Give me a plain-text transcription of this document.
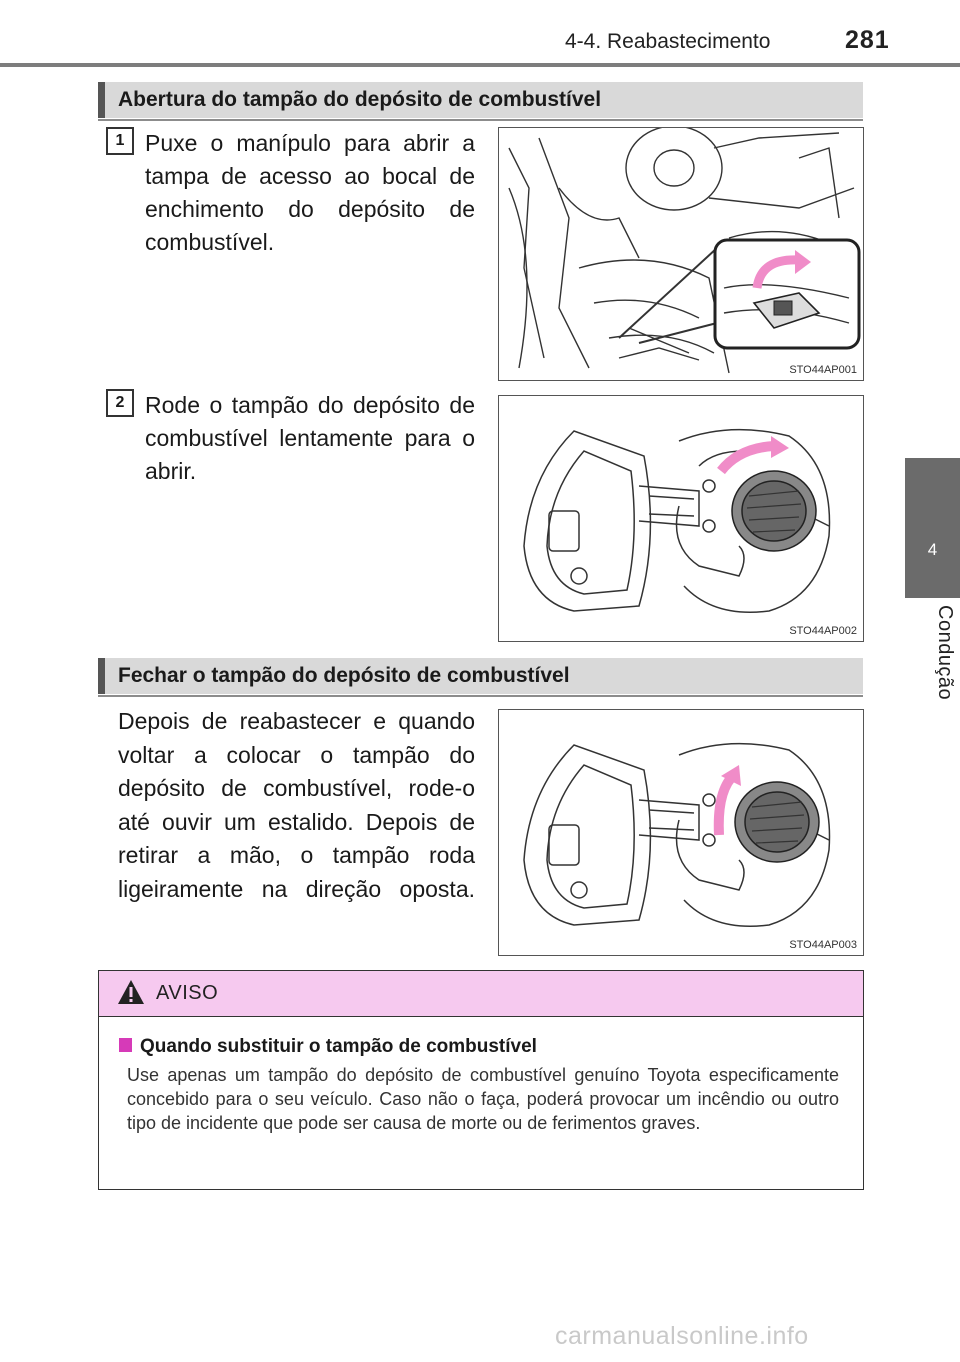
4-4. Reabastecimento	281
4
Condução
Abertura do tampão do depósito de combustível
1 Puxe o manípulo para abrir a tampa de acesso ao bocal de enchimento do depósito de combustível.
STO44AP001
2 Rode o tampão do depósito de combustível lentamente para o abrir.
STO44AP002
Fechar o tampão do depósito de combustível
Depois de reabastecer e quando voltar a colocar o tampão do depósito de combustível, rode-o até ouvir um estalido. Depois de retirar a mão, o tampão roda ligeiramente na direção oposta.
STO44AP003
AVISO
Quando substituir o tampão de combustível
Use apenas um tampão do depósito de combustível genuíno Toyota especificamente concebido para o seu veículo. Caso não o faça, poderá provocar um incêndio ou outro tipo de incidente que pode ser causa de morte ou de ferimentos graves.
carmanualsonline.info
